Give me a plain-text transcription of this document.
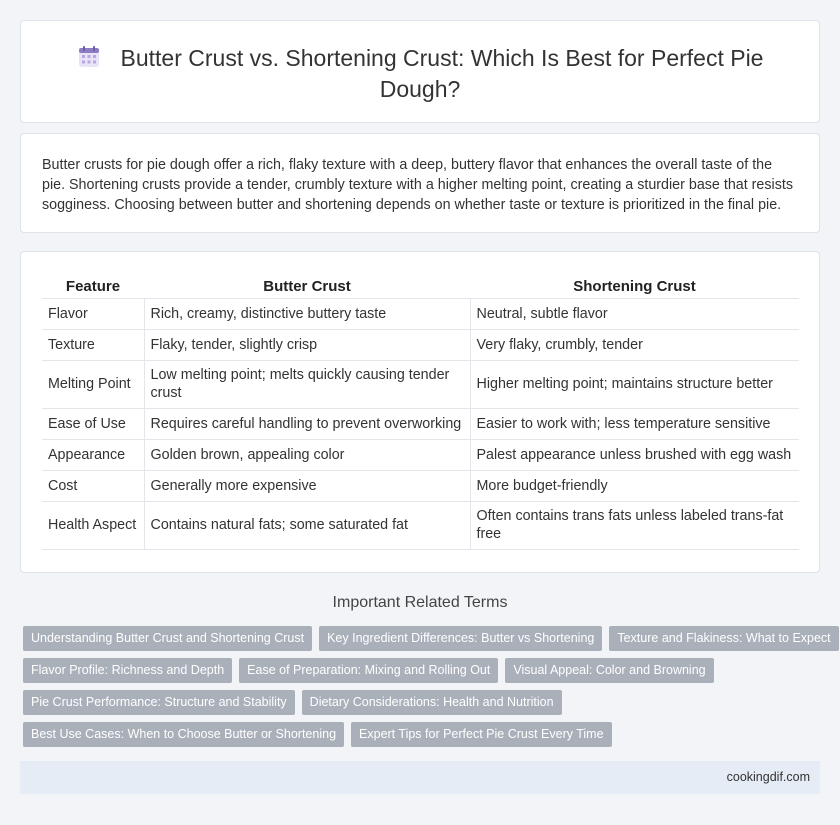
Butter Crust vs. Shortening Crust: Which Is Best for Perfect Pie Dough?

Butter crusts for pie dough offer a rich, flaky texture with a deep, buttery flavor that enhances the overall taste of the pie. Shortening crusts provide a tender, crumbly texture with a higher melting point, creating a sturdier base that resists sogginess. Choosing between butter and shortening depends on whether taste or texture is prioritized in the final pie.

Feature	Butter Crust	Shortening Crust
Flavor	Rich, creamy, distinctive buttery taste	Neutral, subtle flavor
Texture	Flaky, tender, slightly crisp	Very flaky, crumbly, tender
Melting Point	Low melting point; melts quickly causing tender crust	Higher melting point; maintains structure better
Ease of Use	Requires careful handling to prevent overworking	Easier to work with; less temperature sensitive
Appearance	Golden brown, appealing color	Palest appearance unless brushed with egg wash
Cost	Generally more expensive	More budget-friendly
Health Aspect	Contains natural fats; some saturated fat	Often contains trans fats unless labeled trans-fat free
Important Related Terms
Understanding Butter Crust and Shortening Crust	Key Ingredient Differences: Butter vs Shortening	Texture and Flakiness: What to Expect
Flavor Profile: Richness and Depth	Ease of Preparation: Mixing and Rolling Out	Visual Appeal: Color and Browning
Pie Crust Performance: Structure and Stability	Dietary Considerations: Health and Nutrition
Best Use Cases: When to Choose Butter or Shortening	Expert Tips for Perfect Pie Crust Every Time
cookingdif.com
